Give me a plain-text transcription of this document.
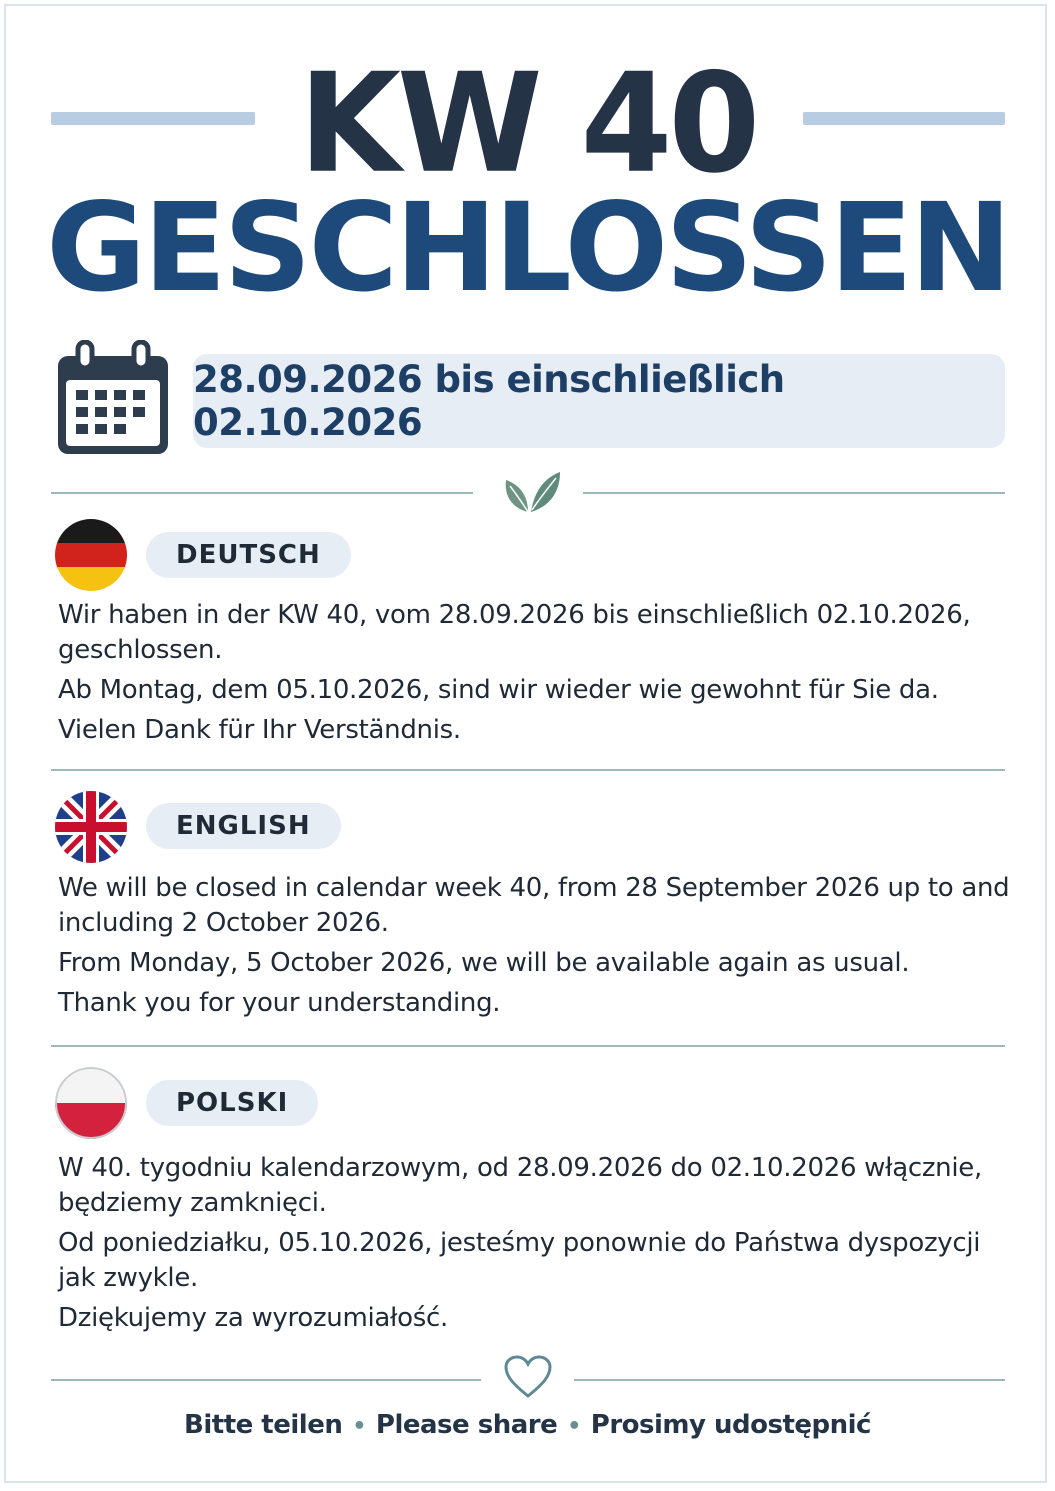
KW 40
GESCHLOSSEN
28.09.2026 bis einschließlich 02.10.2026
DEUTSCH

Wir haben in der KW 40, vom 28.09.2026 bis einschließlich 02.10.2026, geschlossen.

Ab Montag, dem 05.10.2026, sind wir wieder wie gewohnt für Sie da.

Vielen Dank für Ihr Verständnis.

ENGLISH

We will be closed in calendar week 40, from 28 September 2026 up to and including 2 October 2026.

From Monday, 5 October 2026, we will be available again as usual.

Thank you for your understanding.

POLSKI

W 40. tygodniu kalendarzowym, od 28.09.2026 do 02.10.2026 włącznie, będziemy zamknięci.

Od poniedziałku, 05.10.2026, jesteśmy ponownie do Państwa dyspozycji jak zwykle.

Dziękujemy za wyrozumiałość.

Bitte teilen • Please share • Prosimy udostępnić
